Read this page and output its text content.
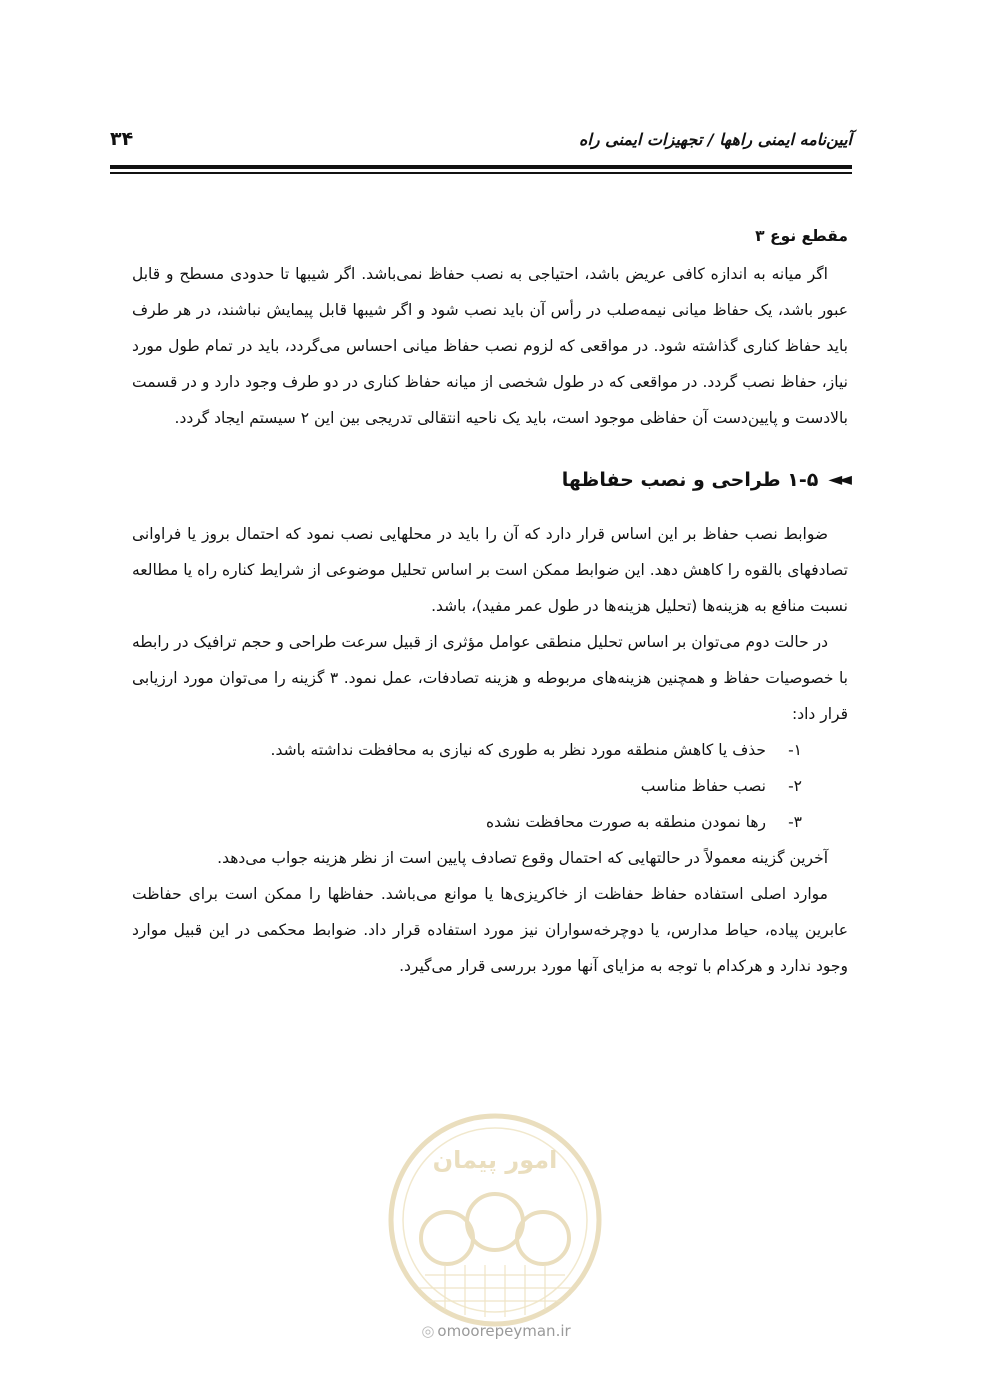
آیین‌نامه ایمنی راهها / تجهیزات ایمنی راه
۳۴
مقطع نوع ۳

اگر میانه به اندازه کافی عریض باشد، احتیاجی به نصب حفاظ نمی‌باشد. اگر شیبها تا حدودی مسطح و قابل عبور باشد، یک حفاظ میانی نیمه‌صلب در رأس آن باید نصب شود و اگر شیبها قابل پیمایش نباشند، در هر طرف باید حفاظ کناری گذاشته شود. در مواقعی که لزوم نصب حفاظ میانی احساس می‌گردد، باید در تمام طول مورد نیاز، حفاظ نصب گردد. در مواقعی که در طول شخصی از میانه حفاظ کناری در دو طرف وجود دارد و در قسمت بالادست و پایین‌دست آن حفاظی موجود است، باید یک ناحیه انتقالی تدریجی بین این ۲ سیستم ایجاد گردد.

◄◄
۱-۵ طراحی و نصب حفاظها

ضوابط نصب حفاظ بر این اساس قرار دارد که آن را باید در محلهایی نصب نمود که احتمال بروز یا فراوانی تصادفهای بالقوه را کاهش دهد. این ضوابط ممکن است بر اساس تحلیل موضوعی از شرایط کناره راه یا مطالعه نسبت منافع به هزینه‌ها (تحلیل هزینه‌ها در طول عمر مفید)، باشد.

در حالت دوم می‌توان بر اساس تحلیل منطقی عوامل مؤثری از قبیل سرعت طراحی و حجم ترافیک در رابطه با خصوصیات حفاظ و همچنین هزینه‌های مربوطه و هزینه تصادفات، عمل نمود. ۳ گزینه را می‌توان مورد ارزیابی قرار داد:

۱-
حذف یا کاهش منطقه مورد نظر به طوری که نیازی به محافظت نداشته باشد.
۲-
نصب حفاظ مناسب
۳-
رها نمودن منطقه به صورت محافظت نشده

آخرین گزینه معمولاً در حالتهایی که احتمال وقوع تصادف پایین است از نظر هزینه جواب می‌دهد.

موارد اصلی استفاده حفاظ حفاظت از خاکریزی‌ها یا موانع می‌باشد. حفاظها را ممکن است برای حفاظت عابرین پیاده، حیاط مدارس، یا دوچرخه‌سواران نیز مورد استفاده قرار داد. ضوابط محکمی در این قبیل موارد وجود ندارد و هرکدام با توجه به مزایای آنها مورد بررسی قرار می‌گیرد.

امور پیمان
◎ omoorepeyman.ir
